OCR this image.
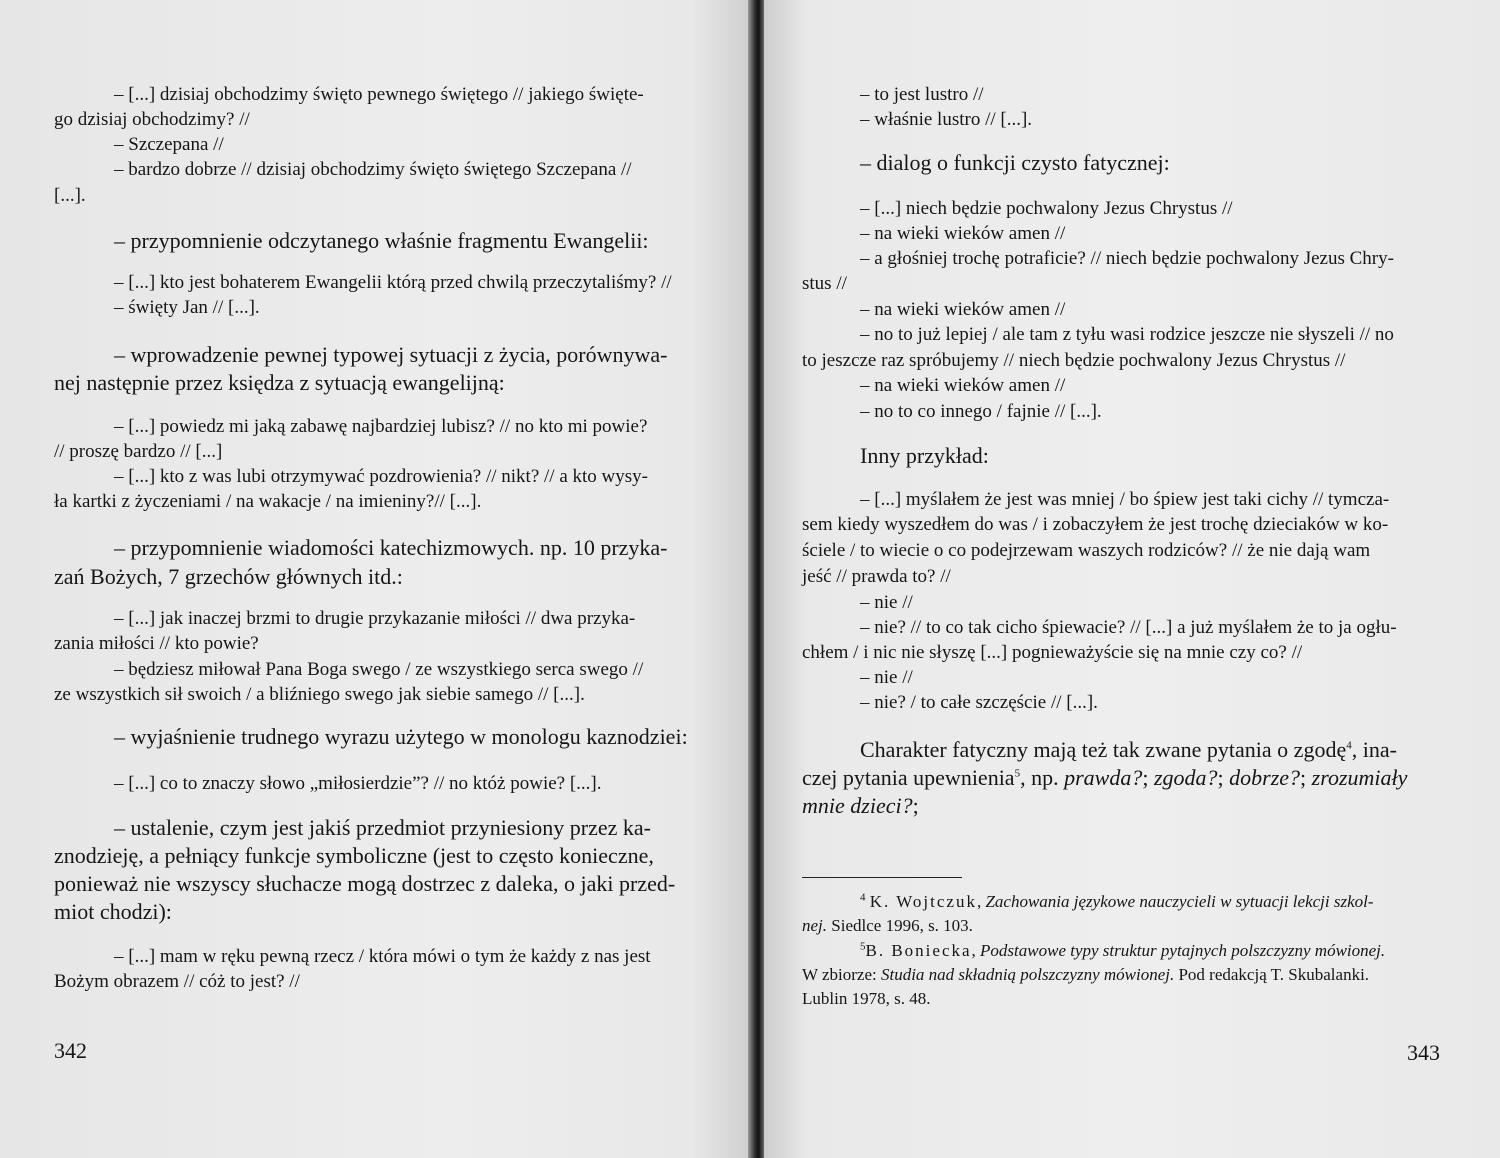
– [...] dzisiaj obchodzimy święto pewnego świętego // jakiego święte-
go dzisiaj obchodzimy? //
– Szczepana //
– bardzo dobrze // dzisiaj obchodzimy święto świętego Szczepana //
[...].
– przypomnienie odczytanego właśnie fragmentu Ewangelii:
– [...] kto jest bohaterem Ewangelii którą przed chwilą przeczytaliśmy? //
– święty Jan // [...].
– wprowadzenie pewnej typowej sytuacji z życia, porównywa-
nej następnie przez księdza z sytuacją ewangelijną:
– [...] powiedz mi jaką zabawę najbardziej lubisz? // no kto mi powie?
// proszę bardzo // [...]
– [...] kto z was lubi otrzymywać pozdrowienia? // nikt? // a kto wysy-
ła kartki z życzeniami / na wakacje / na imieniny?// [...].
– przypomnienie wiadomości katechizmowych. np. 10 przyka-
zań Bożych, 7 grzechów głównych itd.:
– [...] jak inaczej brzmi to drugie przykazanie miłości // dwa przyka-
zania miłości // kto powie?
– będziesz miłował Pana Boga swego / ze wszystkiego serca swego //
ze wszystkich sił swoich / a bliźniego swego jak siebie samego // [...].
– wyjaśnienie trudnego wyrazu użytego w monologu kaznodziei:
– [...] co to znaczy słowo „miłosierdzie”? // no któż powie? [...].
– ustalenie, czym jest jakiś przedmiot przyniesiony przez ka-
znodzieję, a pełniący funkcje symboliczne (jest to często konieczne,
ponieważ nie wszyscy słuchacze mogą dostrzec z daleka, o jaki przed-
miot chodzi):
– [...] mam w ręku pewną rzecz / która mówi o tym że każdy z nas jest
Bożym obrazem // cóż to jest? //
342
– to jest lustro //
– właśnie lustro // [...].
– dialog o funkcji czysto fatycznej:
– [...] niech będzie pochwalony Jezus Chrystus //
– na wieki wieków amen //
– a głośniej trochę potraficie? // niech będzie pochwalony Jezus Chry-
stus //
– na wieki wieków amen //
– no to już lepiej / ale tam z tyłu wasi rodzice jeszcze nie słyszeli // no
to jeszcze raz spróbujemy // niech będzie pochwalony Jezus Chrystus //
– na wieki wieków amen //
– no to co innego / fajnie // [...].
Inny przykład:
– [...] myślałem że jest was mniej / bo śpiew jest taki cichy // tymcza-
sem kiedy wyszedłem do was / i zobaczyłem że jest trochę dzieciaków w ko-
ściele / to wiecie o co podejrzewam waszych rodziców? // że nie dają wam
jeść // prawda to? //
– nie //
– nie? // to co tak cicho śpiewacie? // [...] a już myślałem że to ja ogłu-
chłem / i nic nie słyszę [...] pognieważyście się na mnie czy co? //
– nie //
– nie? / to całe szczęście // [...].
Charakter fatyczny mają też tak zwane pytania o zgodę$^4$, ina-
czej pytania upewnienia$^5$, np. prawda?; zgoda?; dobrze?; zrozumiały
mnie dzieci?;
$^4$ K. Wojtczuk, Zachowania językowe nauczycieli w sytuacji lekcji szkol-
nej. Siedlce 1996, s. 103.
$^5$B. Boniecka, Podstawowe typy struktur pytajnych polszczyzny mówionej.
W zbiorze: Studia nad składnią polszczyzny mówionej. Pod redakcją T. Skubalanki.
Lublin 1978, s. 48.
343
